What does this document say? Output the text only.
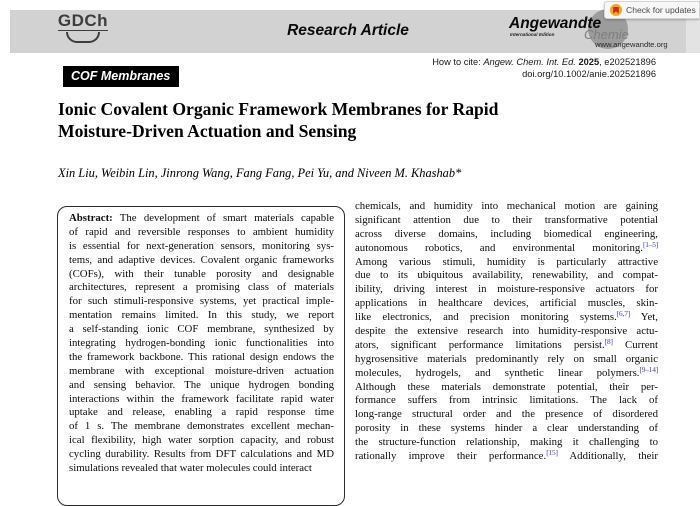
GDCh
Research Article	Angewandte
International Edition Chemie
www.angewandte.org
Check for updates
How to cite: Angew. Chem. Int. Ed. 2025, e202521896
doi.org/10.1002/anie.202521896
COF Membranes
Ionic Covalent Organic Framework Membranes for Rapid
Moisture-Driven Actuation and Sensing
Xin Liu, Weibin Lin, Jinrong Wang, Fang Fang, Pei Yu, and Niveen M. Khashab*
Abstract: The development of smart materials capable
of rapid and reversible responses to ambient humidity
is essential for next-generation sensors, monitoring sys-
tems, and adaptive devices. Covalent organic frameworks
(COFs), with their tunable porosity and designable
architectures, represent a promising class of materials
for such stimuli-responsive systems, yet practical imple-
mentation remains limited. In this study, we report
a self-standing ionic COF membrane, synthesized by
integrating hydrogen-bonding ionic functionalities into
the framework backbone. This rational design endows the
membrane with exceptional moisture-driven actuation
and sensing behavior. The unique hydrogen bonding
interactions within the framework facilitate rapid water
uptake and release, enabling a rapid response time
of 1 s. The membrane demonstrates excellent mechan-
ical flexibility, high water sorption capacity, and robust
cycling durability. Results from DFT calculations and MD
simulations revealed that water molecules could interact
chemicals, and humidity into mechanical motion are gaining
significant attention due to their transformative potential
across diverse domains, including biomedical engineering,
autonomous robotics, and environmental monitoring.[1–5]
Among various stimuli, humidity is particularly attractive
due to its ubiquitous availability, renewability, and compat-
ibility, driving interest in moisture-responsive actuators for
applications in healthcare devices, artificial muscles, skin-
like electronics, and precision monitoring systems.[6,7] Yet,
despite the extensive research into humidity-responsive actu-
ators, significant performance limitations persist.[8] Current
hygrosensitive materials predominantly rely on small organic
molecules, hydrogels, and synthetic linear polymers.[9–14]
Although these materials demonstrate potential, their per-
formance suffers from intrinsic limitations. The lack of
long-range structural order and the presence of disordered
porosity in these systems hinder a clear understanding of
the structure-function relationship, making it challenging to
rationally improve their performance.[15] Additionally, their
